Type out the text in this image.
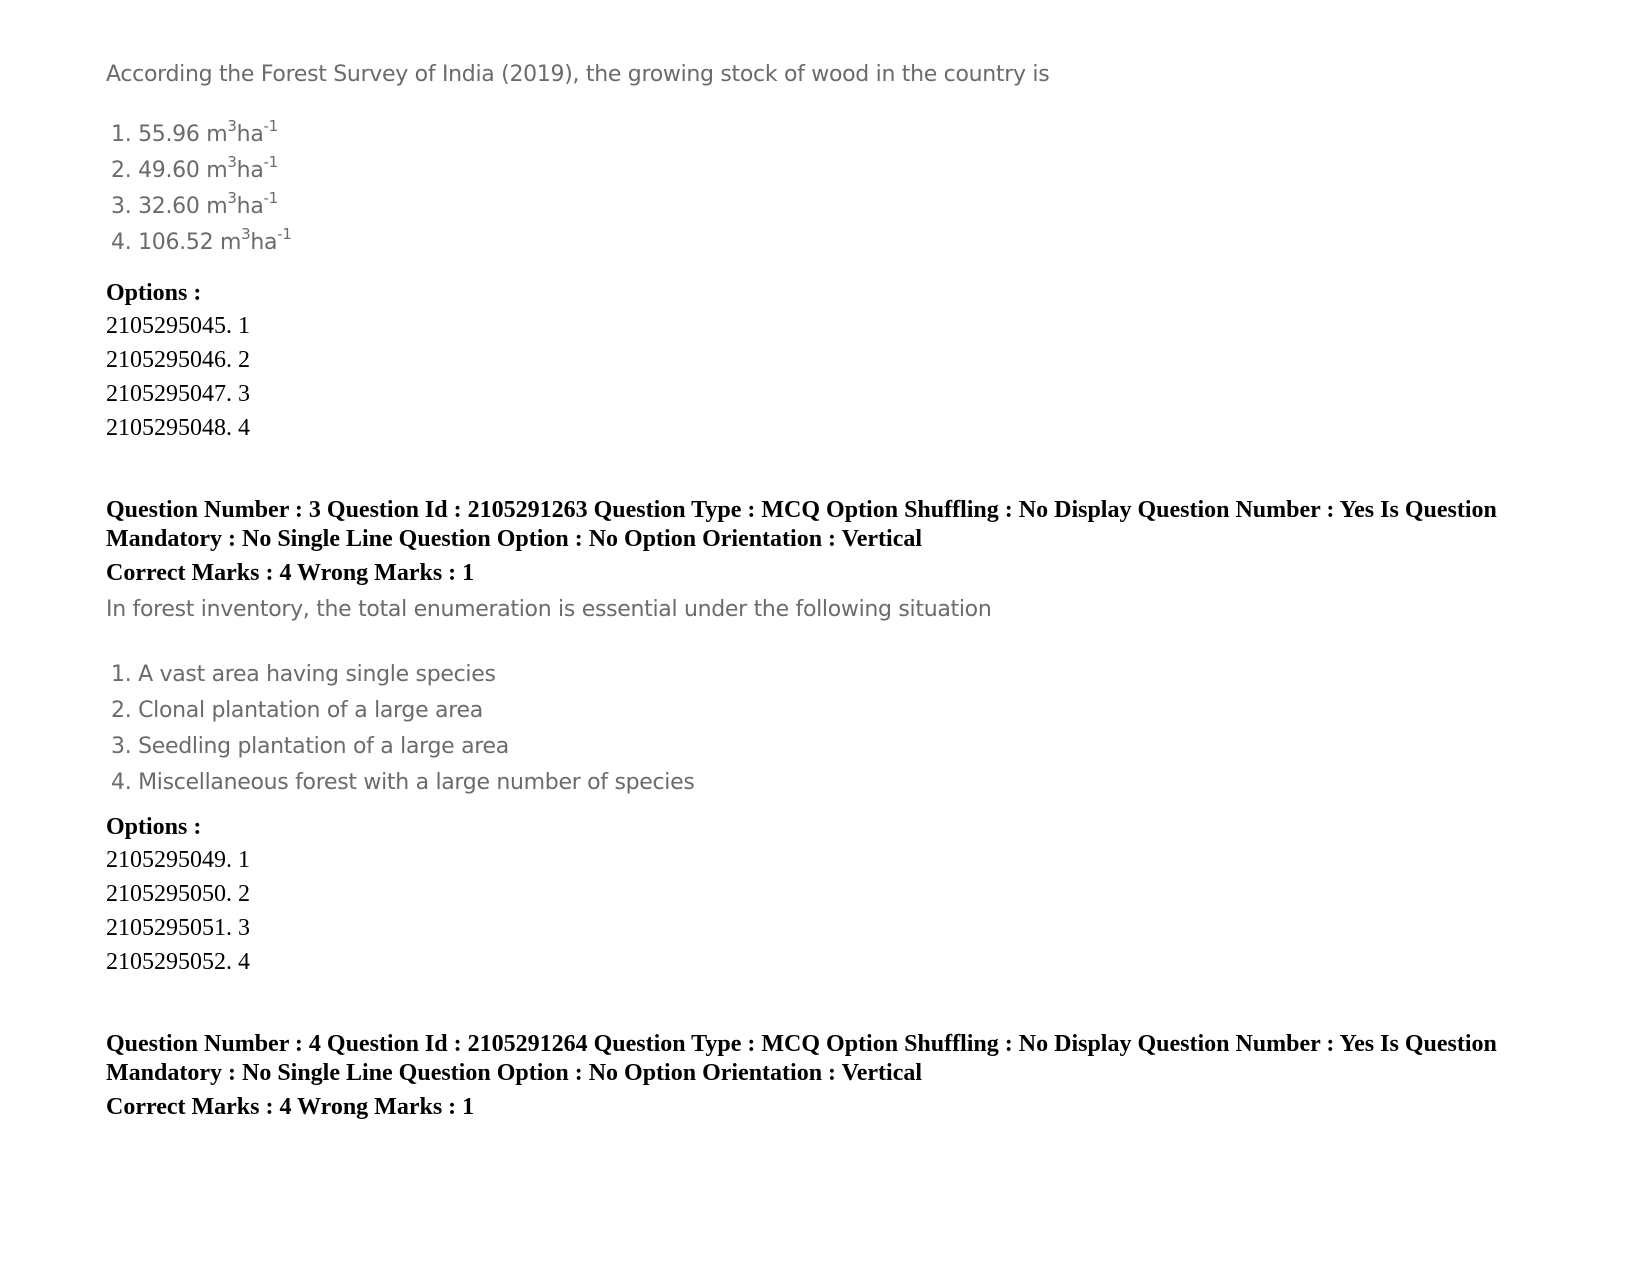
According the Forest Survey of India (2019), the growing stock of wood in the country is
1. 55.96 $m^3ha^{-1}$
2. 49.60 $m^3ha^{-1}$
3. 32.60 $m^3ha^{-1}$
4. 106.52 $m^3ha^{-1}$
Options :
2105295045. 1
2105295046. 2
2105295047. 3
2105295048. 4
Question Number : 3 Question Id : 2105291263 Question Type : MCQ Option Shuffling : No Display Question Number : Yes Is Question
Mandatory : No Single Line Question Option : No Option Orientation : Vertical
Correct Marks : 4 Wrong Marks : 1
In forest inventory, the total enumeration is essential under the following situation
1. A vast area having single species
2. Clonal plantation of a large area
3. Seedling plantation of a large area
4. Miscellaneous forest with a large number of species
Options :
2105295049. 1
2105295050. 2
2105295051. 3
2105295052. 4
Question Number : 4 Question Id : 2105291264 Question Type : MCQ Option Shuffling : No Display Question Number : Yes Is Question
Mandatory : No Single Line Question Option : No Option Orientation : Vertical
Correct Marks : 4 Wrong Marks : 1
